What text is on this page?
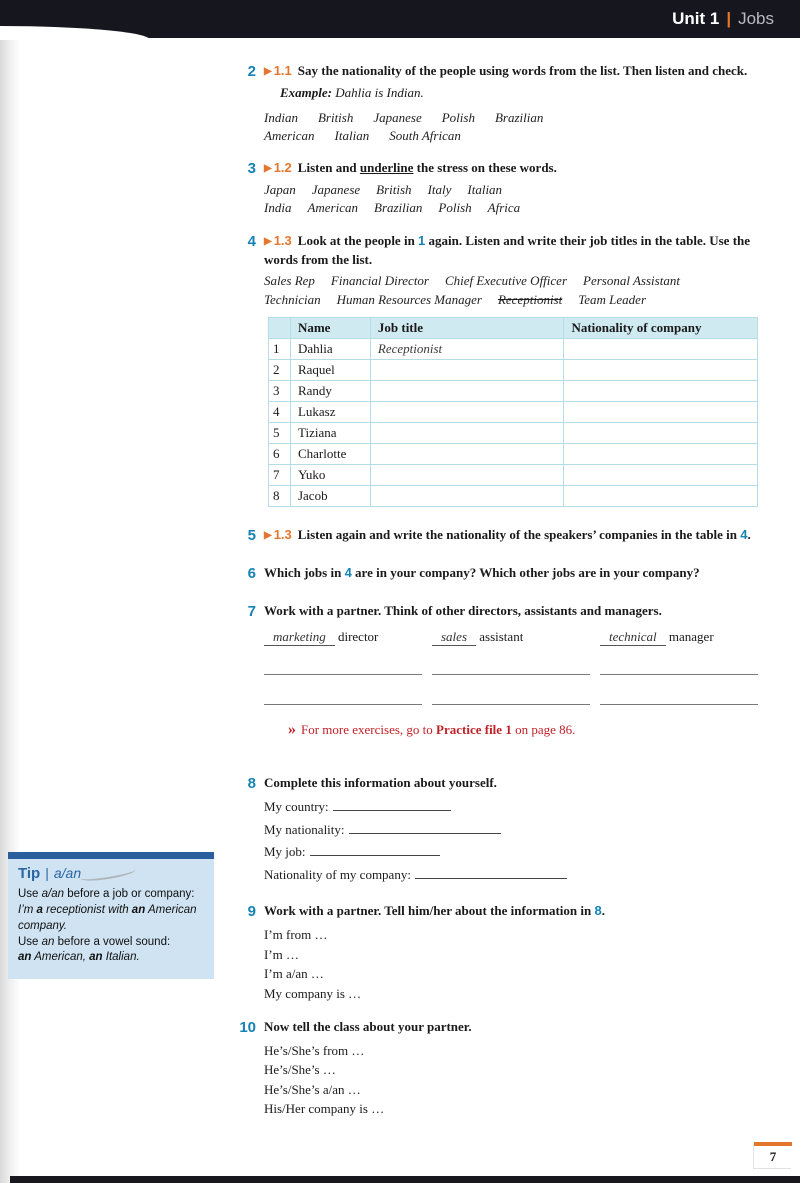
Unit 1 | Jobs
2 ▶ 1.1 Say the nationality of the people using words from the list. Then listen and check.

Example: Dahlia is Indian.

Indian British Japanese Polish Brazilian
American Italian South African
3 ▶ 1.2 Listen and underline the stress on these words.

Japan Japanese British Italy Italian
India American Brazilian Polish Africa
4 ▶ 1.3 Look at the people in 1 again. Listen and write their job titles in the table. Use the words from the list.

Sales Rep Financial Director Chief Executive Officer Personal Assistant
Technician Human Resources Manager Receptionist Team Leader
	Name	Job title	Nationality of company
1	Dahlia	Receptionist	
2	Raquel		
3	Randy		
4	Lukasz		
5	Tiziana		
6	Charlotte		
7	Yuko		
8	Jacob		
5 ▶ 1.3 Listen again and write the nationality of the speakers’ companies in the table in 4.

6 Which jobs in 4 are in your company? Which other jobs are in your company?

7 Work with a partner. Think of other directors, assistants and managers.

marketing director	sales assistant	technical manager

» For more exercises, go to Practice file 1 on page 86.

8 Complete this information about yourself.

My country:

My nationality:

My job:

Nationality of my company:

9 Work with a partner. Tell him/her about the information in 8.

I’m from …

I’m …

I’m a/an …

My company is …

10 Now tell the class about your partner.

He’s/She’s from …

He’s/She’s …

He’s/She’s a/an …

His/Her company is …

Tip | a/an

Use a/an before a job or company:

I’m a receptionist with an American company.

Use an before a vowel sound:

an American, an Italian.

7
